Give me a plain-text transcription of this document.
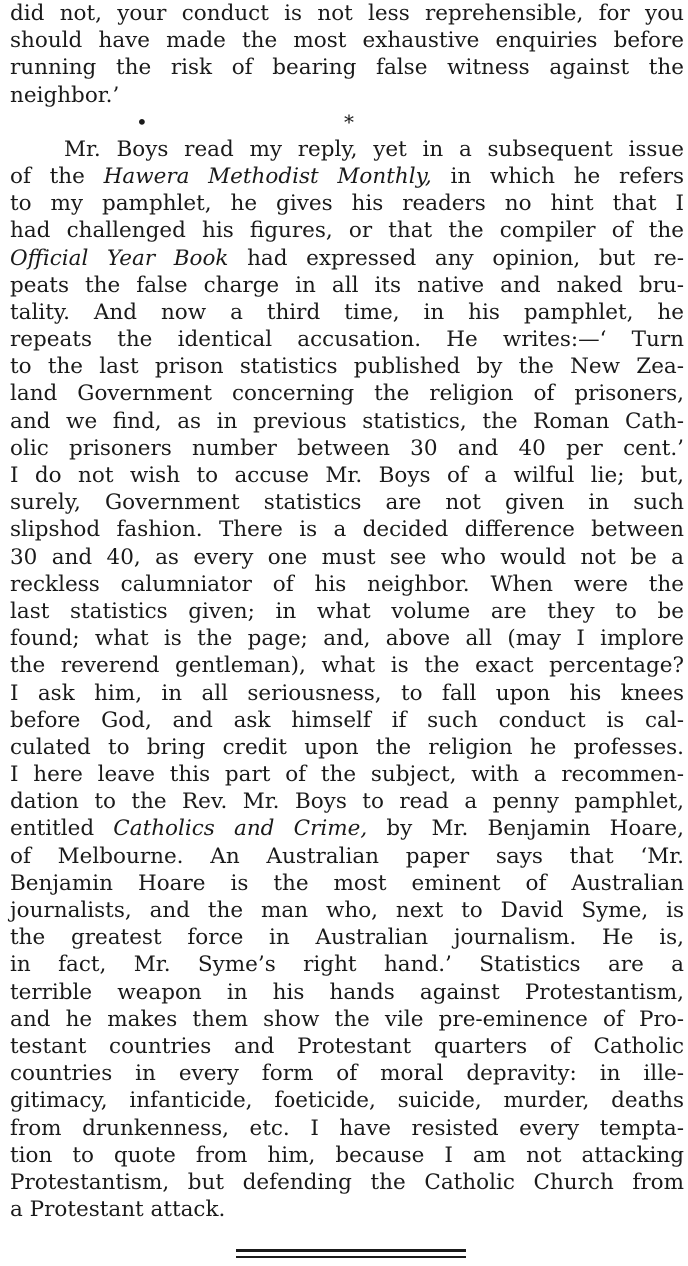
did not, your conduct is not less reprehensible, for you
should have made the most exhaustive enquiries before
running the risk of bearing false witness against the
neighbor.’
•	*
Mr. Boys read my reply, yet in a subsequent issue
of the Hawera Methodist Monthly, in which he refers
to my pamphlet, he gives his readers no hint that I
had challenged his figures, or that the compiler of the
Official Year Book had expressed any opinion, but re-
peats the false charge in all its native and naked bru-
tality. And now a third time, in his pamphlet, he
repeats the identical accusation. He writes:—‘ Turn
to the last prison statistics published by the New Zea-
land Government concerning the religion of prisoners,
and we find, as in previous statistics, the Roman Cath-
olic prisoners number between 30 and 40 per cent.’
I do not wish to accuse Mr. Boys of a wilful lie; but,
surely, Government statistics are not given in such
slipshod fashion. There is a decided difference between
30 and 40, as every one must see who would not be a
reckless calumniator of his neighbor. When were the
last statistics given; in what volume are they to be
found; what is the page; and, above all (may I implore
the reverend gentleman), what is the exact percentage?
I ask him, in all seriousness, to fall upon his knees
before God, and ask himself if such conduct is cal-
culated to bring credit upon the religion he professes.
I here leave this part of the subject, with a recommen-
dation to the Rev. Mr. Boys to read a penny pamphlet,
entitled Catholics and Crime, by Mr. Benjamin Hoare,
of Melbourne. An Australian paper says that ‘Mr.
Benjamin Hoare is the most eminent of Australian
journalists, and the man who, next to David Syme, is
the greatest force in Australian journalism. He is,
in fact, Mr. Syme’s right hand.’ Statistics are a
terrible weapon in his hands against Protestantism,
and he makes them show the vile pre-eminence of Pro-
testant countries and Protestant quarters of Catholic
countries in every form of moral depravity: in ille-
gitimacy, infanticide, foeticide, suicide, murder, deaths
from drunkenness, etc. I have resisted every tempta-
tion to quote from him, because I am not attacking
Protestantism, but defending the Catholic Church from
a Protestant attack.
